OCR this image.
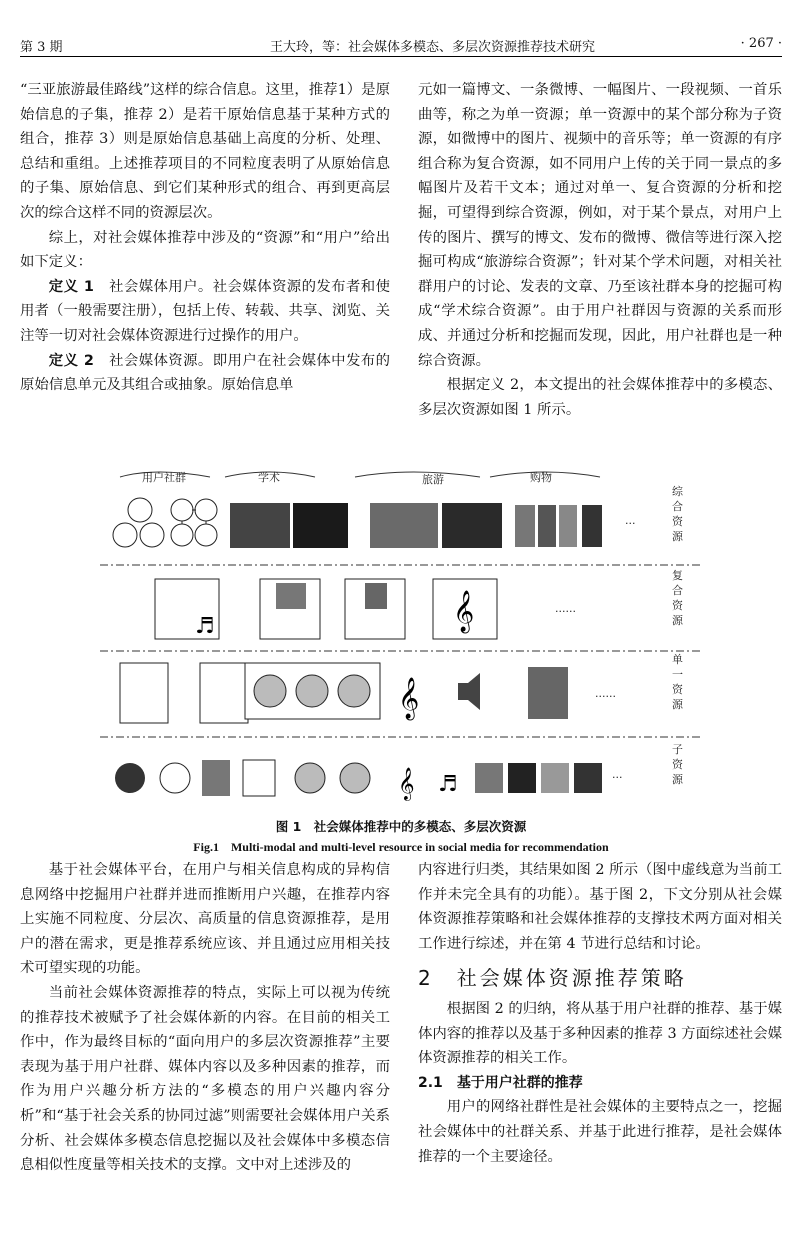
第 3 期	王大玲，等：社会媒体多模态、多层次资源推荐技术研究	· 267 ·

“三亚旅游最佳路线”这样的综合信息。这里，推荐1）是原始信息的子集，推荐 2）是若干原始信息基于某种方式的组合，推荐 3）则是原始信息基础上高度的分析、处理、总结和重组。上述推荐项目的不同粒度表明了从原始信息的子集、原始信息、到它们某种形式的组合、再到更高层次的综合这样不同的资源层次。

综上，对社会媒体推荐中涉及的“资源”和“用户”给出如下定义：

定义 1　社会媒体用户。社会媒体资源的发布者和使用者（一般需要注册），包括上传、转载、共享、浏览、关注等一切对社会媒体资源进行过操作的用户。

定义 2　社会媒体资源。即用户在社会媒体中发布的原始信息单元及其组合或抽象。原始信息单

元如一篇博文、一条微博、一幅图片、一段视频、一首乐曲等，称之为单一资源；单一资源中的某个部分称为子资源，如微博中的图片、视频中的音乐等；单一资源的有序组合称为复合资源，如不同用户上传的关于同一景点的多幅图片及若干文本；通过对单一、复合资源的分析和挖掘，可望得到综合资源，例如，对于某个景点，对用户上传的图片、撰写的博文、发布的微博、微信等进行深入挖掘可构成“旅游综合资源”；针对某个学术问题，对相关社群用户的讨论、发表的文章、乃至该社群本身的挖掘可构成“学术综合资源”。由于用户社群因与资源的关系而形成、并通过分析和挖掘而发现，因此，用户社群也是一种综合资源。

根据定义 2，本文提出的社会媒体推荐中的多模态、多层次资源如图 1 所示。

用户社群	学术	旅游	购物
···
♬	𝄞	······
𝄞	······
𝄞 ♬	···
综合资源
复合资源
单一资源
子资源
图 1　社会媒体推荐中的多模态、多层次资源
Fig.1　Multi-modal and multi-level resource in social media for recommendation

基于社会媒体平台，在用户与相关信息构成的异构信息网络中挖掘用户社群并进而推断用户兴趣，在推荐内容上实施不同粒度、分层次、高质量的信息资源推荐，是用户的潜在需求，更是推荐系统应该、并且通过应用相关技术可望实现的功能。

当前社会媒体资源推荐的特点，实际上可以视为传统的推荐技术被赋予了社会媒体新的内容。在目前的相关工作中，作为最终目标的“面向用户的多层次资源推荐”主要表现为基于用户社群、媒体内容以及多种因素的推荐，而作为用户兴趣分析方法的“多模态的用户兴趣内容分析”和“基于社会关系的协同过滤”则需要社会媒体用户关系分析、社会媒体多模态信息挖掘以及社会媒体中多模态信息相似性度量等相关技术的支撑。文中对上述涉及的

内容进行归类，其结果如图 2 所示（图中虚线意为当前工作并未完全具有的功能）。基于图 2，下文分别从社会媒体资源推荐策略和社会媒体推荐的支撑技术两方面对相关工作进行综述，并在第 4 节进行总结和讨论。

2　 社会媒体资源推荐策略

根据图 2 的归纳，将从基于用户社群的推荐、基于媒体内容的推荐以及基于多种因素的推荐 3 方面综述社会媒体资源推荐的相关工作。

2.1　 基于用户社群的推荐

用户的网络社群性是社会媒体的主要特点之一，挖掘社会媒体中的社群关系、并基于此进行推荐，是社会媒体推荐的一个主要途径。
